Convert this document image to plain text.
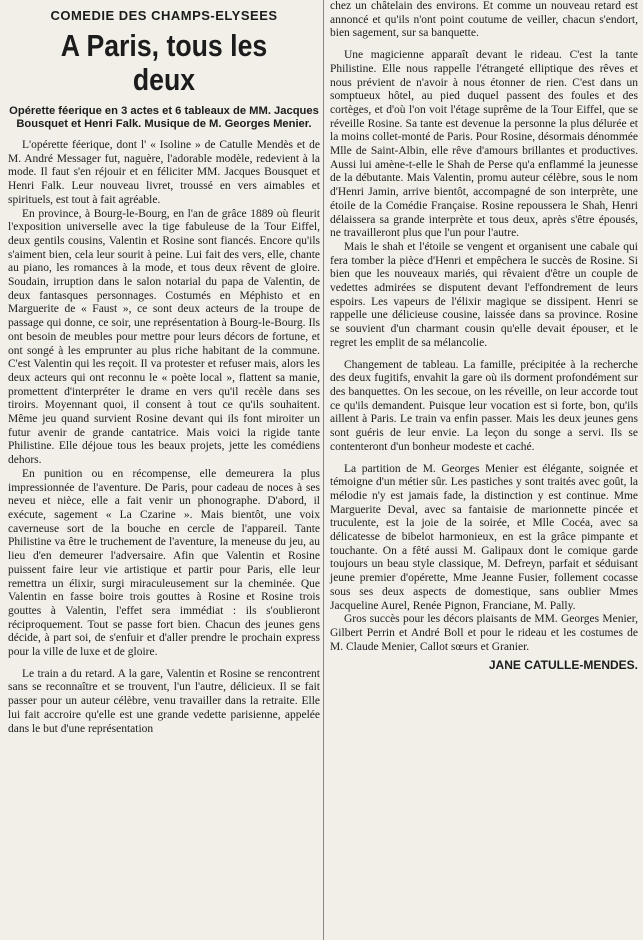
COMEDIE DES CHAMPS-ELYSEES
A Paris, tous les deux
Opérette féerique en 3 actes et 6 tableaux de MM. Jacques Bousquet et Henri Falk. Musique de M. Georges Menier.

L'opérette féerique, dont l' « Isoline » de Catulle Mendès et de M. André Messager fut, naguère, l'adorable modèle, redevient à la mode. Il faut s'en réjouir et en féliciter MM. Jacques Bousquet et Henri Falk. Leur nouveau livret, troussé en vers aimables et spirituels, est tout à fait agréable.

En province, à Bourg-le-Bourg, en l'an de grâce 1889 où fleurit l'exposition universelle avec la tige fabuleuse de la Tour Eiffel, deux gentils cousins, Valentin et Rosine sont fiancés. Encore qu'ils s'aiment bien, cela leur sourit à peine. Lui fait des vers, elle, chante au piano, les romances à la mode, et tous deux rêvent de gloire. Soudain, irruption dans le salon notarial du papa de Valentin, de deux fantasques personnages. Costumés en Méphisto et en Marguerite de « Faust », ce sont deux acteurs de la troupe de passage qui donne, ce soir, une représentation à Bourg-le-Bourg. Ils ont besoin de meubles pour mettre pour leurs décors de fortune, et ont songé à les emprunter au plus riche habitant de la commune. C'est Valentin qui les reçoit. Il va protester et refuser mais, alors les deux acteurs qui ont reconnu le « poète local », flattent sa manie, promettent d'interpréter le drame en vers qu'il recèle dans ses tiroirs. Moyennant quoi, il consent à tout ce qu'ils souhaitent. Même jeu quand survient Rosine devant qui ils font miroiter un futur avenir de grande cantatrice. Mais voici la rigide tante Philistine. Elle déjoue tous les beaux projets, jette les comédiens dehors.

En punition ou en récompense, elle demeurera la plus impressionnée de l'aventure. De Paris, pour cadeau de noces à ses neveu et nièce, elle a fait venir un phonographe. D'abord, il exécute, sagement « La Czarine ». Mais bientôt, une voix caverneuse sort de la bouche en cercle de l'appareil. Tante Philistine va être le truchement de l'aventure, la meneuse du jeu, au lieu d'en demeurer l'adversaire. Afin que Valentin et Rosine puissent faire leur vie artistique et partir pour Paris, elle leur remettra un élixir, surgi miraculeusement sur la cheminée. Que Valentin en fasse boire trois gouttes à Rosine et Rosine trois gouttes à Valentin, l'effet sera immédiat : ils s'oublieront réciproquement. Tout se passe fort bien. Chacun des jeunes gens décide, à part soi, de s'enfuir et d'aller prendre le prochain express pour la ville de luxe et de gloire.

Le train a du retard. A la gare, Valentin et Rosine se rencontrent sans se reconnaître et se trouvent, l'un l'autre, délicieux. Il se fait passer pour un auteur célèbre, venu travailler dans la retraite. Elle lui fait accroire qu'elle est une grande vedette parisienne, appelée dans le but d'une représentation

chez un châtelain des environs. Et comme un nouveau retard est annoncé et qu'ils n'ont point coutume de veiller, chacun s'endort, bien sagement, sur sa banquette.

Une magicienne apparaît devant le rideau. C'est la tante Philistine. Elle nous rappelle l'étrangeté elliptique des rêves et nous prévient de n'avoir à nous étonner de rien. C'est dans un somptueux hôtel, au pied duquel passent des foules et des cortèges, et d'où l'on voit l'étage suprême de la Tour Eiffel, que se réveille Rosine. Sa tante est devenue la personne la plus délurée et la moins collet-monté de Paris. Pour Rosine, désormais dénommée Mlle de Saint-Albin, elle rêve d'amours brillantes et productives. Aussi lui amène-t-elle le Shah de Perse qu'a enflammé la jeunesse de la débutante. Mais Valentin, promu auteur célèbre, sous le nom d'Henri Jamin, arrive bientôt, accompagné de son interprète, une étoile de la Comédie Française. Rosine repoussera le Shah, Henri délaissera sa grande interprète et tous deux, après s'être épousés, ne travailleront plus que l'un pour l'autre.

Mais le shah et l'étoile se vengent et organisent une cabale qui fera tomber la pièce d'Henri et empêchera le succès de Rosine. Si bien que les nouveaux mariés, qui rêvaient d'être un couple de vedettes admirées se disputent devant l'effondrement de leurs espoirs. Les vapeurs de l'élixir magique se dissipent. Henri se rappelle une délicieuse cousine, laissée dans sa province. Rosine se souvient d'un charmant cousin qu'elle devait épouser, et le regret les emplit de sa mélancolie.

Changement de tableau. La famille, précipitée à la recherche des deux fugitifs, envahit la gare où ils dorment profondément sur des banquettes. On les secoue, on les réveille, on leur accorde tout ce qu'ils demandent. Puisque leur vocation est si forte, bon, qu'ils aillent à Paris. Le train va enfin passer. Mais les deux jeunes gens sont guéris de leur envie. La leçon du songe a servi. Ils se contenteront d'un bonheur modeste et caché.

La partition de M. Georges Menier est élégante, soignée et témoigne d'un métier sûr. Les pastiches y sont traités avec goût, la mélodie n'y est jamais fade, la distinction y est continue. Mme Marguerite Deval, avec sa fantaisie de marionnette pincée et truculente, est la joie de la soirée, et Mlle Cocéa, avec sa délicatesse de bibelot harmonieux, en est la grâce pimpante et touchante. On a fêté aussi M. Galipaux dont le comique garde toujours un beau style classique, M. Defreyn, parfait et séduisant jeune premier d'opérette, Mme Jeanne Fusier, follement cocasse sous ses deux aspects de domestique, sans oublier Mmes Jacqueline Aurel, Renée Pignon, Franciane, M. Pally.

Gros succès pour les décors plaisants de MM. Georges Menier, Gilbert Perrin et André Boll et pour le rideau et les costumes de M. Claude Menier, Callot sœurs et Granier.

JANE CATULLE-MENDES.
